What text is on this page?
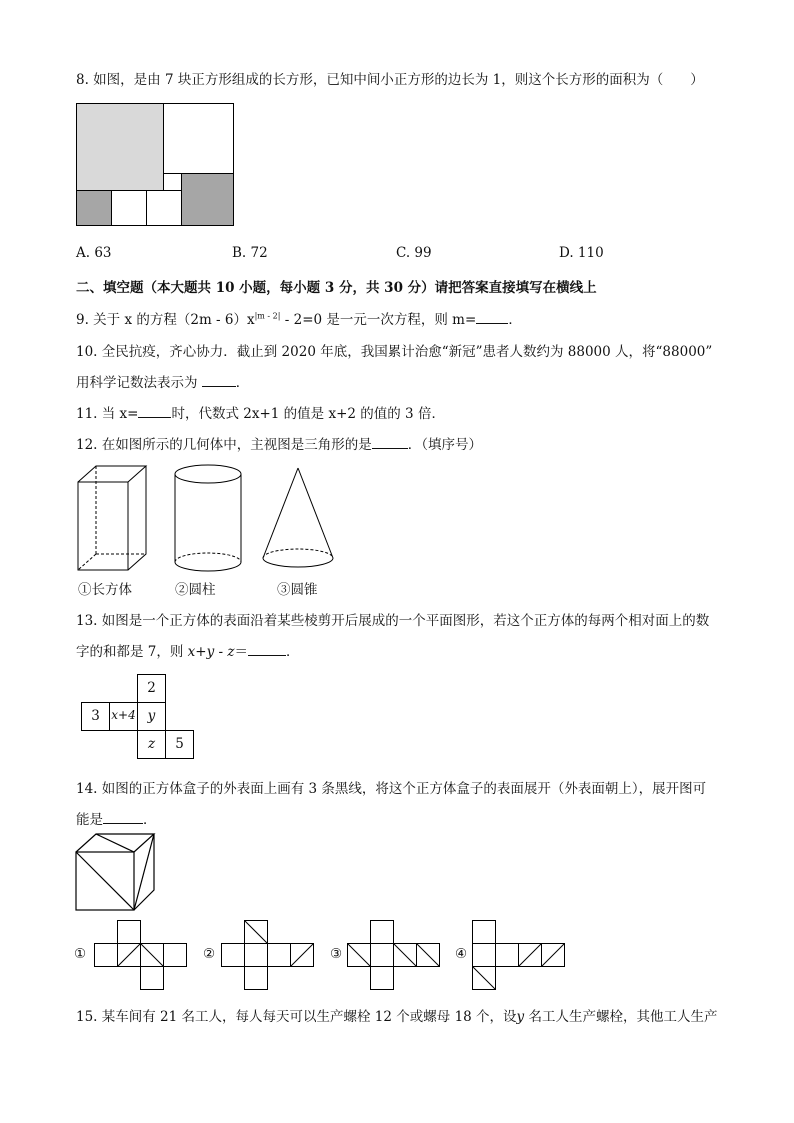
8. 如图，是由 7 块正方形组成的长方形，已知中间小正方形的边长为 1，则这个长方形的面积为（　　）
A. 63	B. 72	C. 99	D. 110
二、填空题（本大题共 10 小题，每小题 3 分，共 30 分）请把答案直接填写在横线上
9. 关于 x 的方程$(2m - 6)x^{|m - 2|} - 2=0$ 是一元一次方程，则 m= ．
10. 全民抗疫，齐心协力．截止到 2020 年底，我国累计治愈“新冠”患者人数约为 88000 人，将“88000”
用科学记数法表示为	．
11. 当 x= 时，代数式 2x+1 的值是 x+2 的值的 3 倍．
12. 在如图所示的几何体中，主视图是三角形的是	．（填序号）
①长方体	②圆柱	③圆锥
13. 如图是一个正方体的表面沿着某些棱剪开后展成的一个平面图形，若这个正方体的每两个相对面上的数
字的和都是 7，则 x+y - z＝	．
2
3 x+4 y
z	5
14. 如图的正方体盒子的外表面上画有 3 条黑线，将这个正方体盒子的表面展开（外表面朝上），展开图可
能是	．
①	②	③	④
15. 某车间有 21 名工人，每人每天可以生产螺栓 12 个或螺母 18 个，设y 名工人生产螺栓，其他工人生产
